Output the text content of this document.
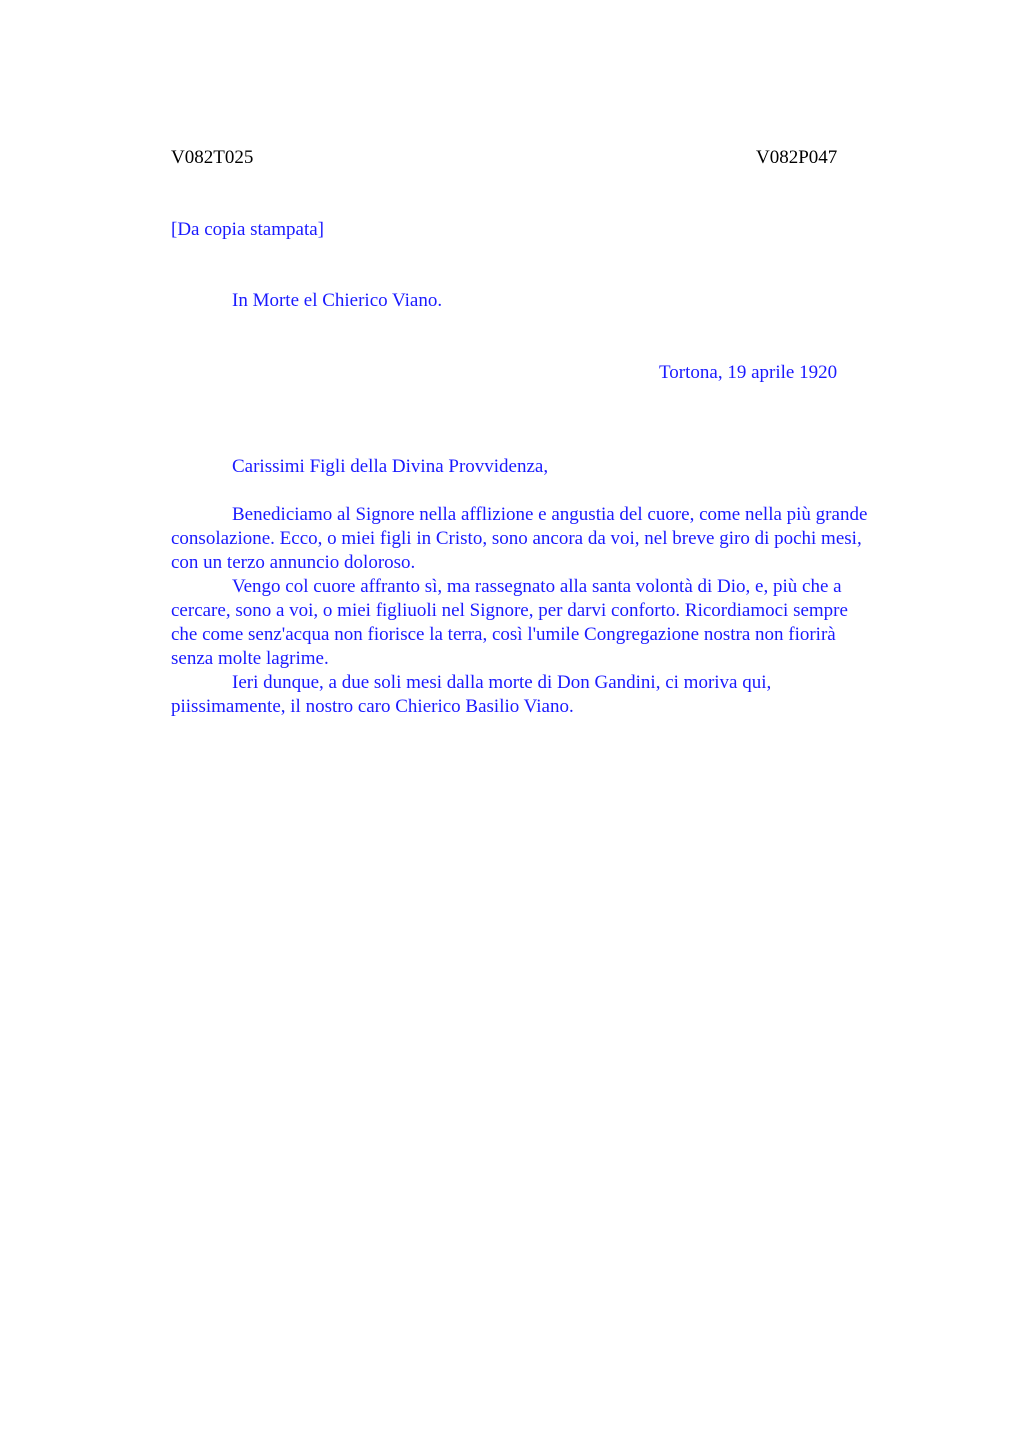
V082T025	V082P047

[Da copia stampata]

In Morte el Chierico Viano.

Tortona, 19 aprile 1920

Carissimi Figli della Divina Provvidenza,

Benediciamo al Signore nella afflizione e angustia del cuore, come nella più grande
consolazione. Ecco, o miei figli in Cristo, sono ancora da voi, nel breve giro di pochi mesi,
con un terzo annuncio doloroso.

Vengo col cuore affranto sì, ma rassegnato alla santa volontà di Dio, e, più che a
cercare, sono a voi, o miei figliuoli nel Signore, per darvi conforto. Ricordiamoci sempre
che come senz'acqua non fiorisce la terra, così l'umile Congregazione nostra non fiorirà
senza molte lagrime.

Ieri dunque, a due soli mesi dalla morte di Don Gandini, ci moriva qui,
piissimamente, il nostro caro Chierico Basilio Viano.
